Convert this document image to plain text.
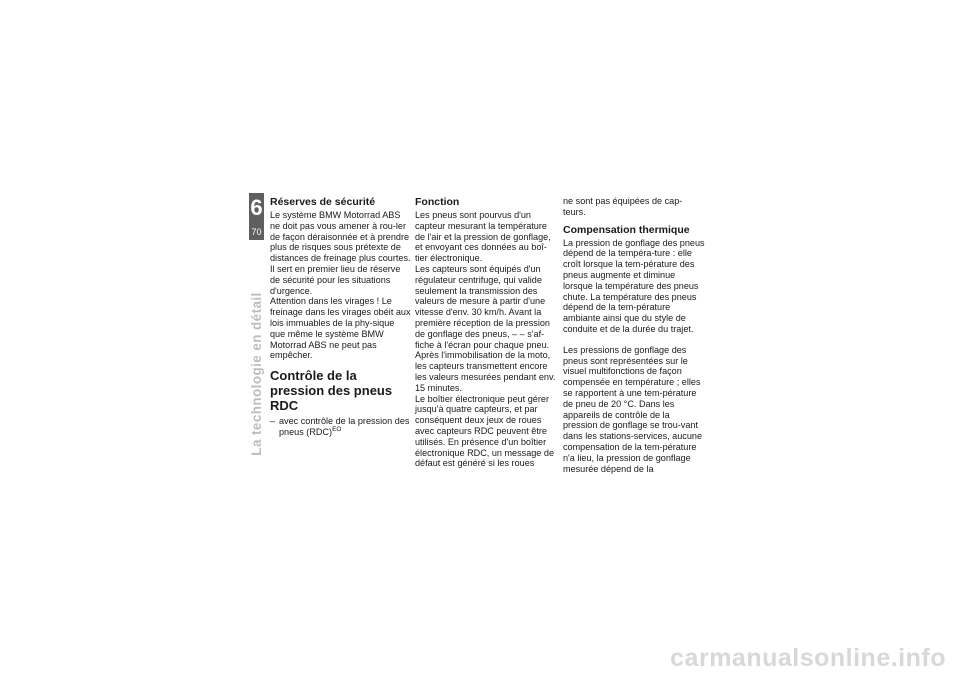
6
70
La technologie en détail
Réserves de sécurité

Le système BMW Motorrad ABS ne doit pas vous amener à rou-ler de façon déraisonnée et à prendre plus de risques sous prétexte de distances de freinage plus courtes. Il sert en premier lieu de réserve de sécurité pour les situations d'urgence.

Attention dans les virages ! Le freinage dans les virages obéit aux lois immuables de la phy-sique que même le système BMW Motorrad ABS ne peut pas empêcher.

Contrôle de la pression des pneus RDC
– avec contrôle de la pression des pneus (RDC)$^{EO}$
Fonction

Les pneus sont pourvus d'un capteur mesurant la température de l'air et la pression de gonflage, et envoyant ces données au boî-tier électronique.

Les capteurs sont équipés d'un régulateur centrifuge, qui valide seulement la transmission des valeurs de mesure à partir d'une vitesse d'env. 30 km/h. Avant la première réception de la pression de gonflage des pneus, – – s'af-fiche à l'écran pour chaque pneu. Après l'immobilisation de la moto, les capteurs transmettent encore les valeurs mesurées pendant env. 15 minutes.

Le boîtier électronique peut gérer jusqu'à quatre capteurs, et par conséquent deux jeux de roues avec capteurs RDC peuvent être utilisés. En présence d'un boîtier électronique RDC, un message de défaut est généré si les roues

ne sont pas équipées de cap-teurs.

Compensation thermique

La pression de gonflage des pneus dépend de la tempéra-ture : elle croît lorsque la tem-pérature des pneus augmente et diminue lorsque la température des pneus chute. La température des pneus dépend de la tem-pérature ambiante ainsi que du style de conduite et de la durée du trajet.

Les pressions de gonflage des pneus sont représentées sur le visuel multifonctions de façon compensée en température ; elles se rapportent à une tem-pérature de pneu de 20 °C. Dans les appareils de contrôle de la pression de gonflage se trou-vant dans les stations-services, aucune compensation de la tem-pérature n'a lieu, la pression de gonflage mesurée dépend de la

carmanualsonline.info
